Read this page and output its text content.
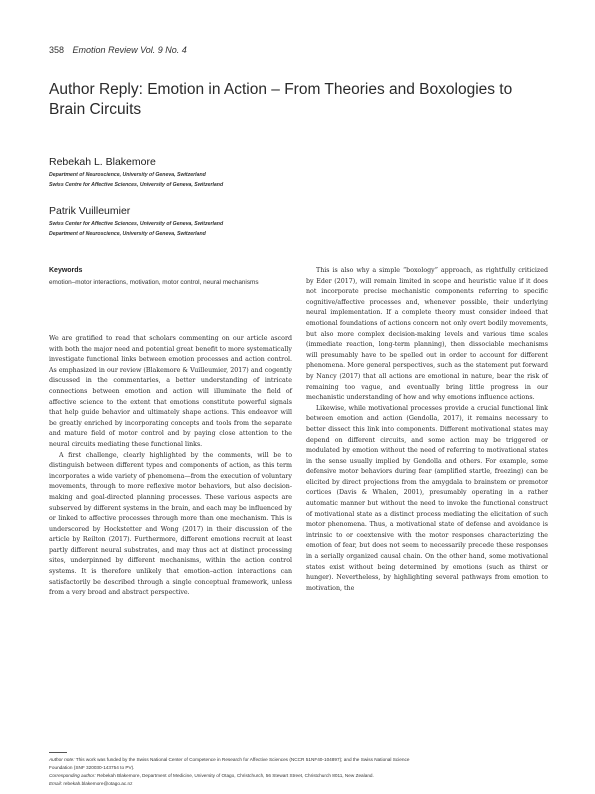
358 Emotion Review Vol. 9 No. 4
Author Reply: Emotion in Action – From Theories and Boxologies to Brain Circuits
Rebekah L. Blakemore
Department of Neuroscience, University of Geneva, Switzerland
Swiss Centre for Affective Sciences, University of Geneva, Switzerland
Patrik Vuilleumier
Swiss Center for Affective Sciences, University of Geneva, Switzerland
Department of Neuroscience, University of Geneva, Switzerland
Keywords
emotion–motor interactions, motivation, motor control, neural mechanisms

We are gratified to read that scholars commenting on our article ascord with both the major need and potential great benefit to more systematically investigate functional links between emotion processes and action control. As emphasized in our review (Blakemore & Vuilleumier, 2017) and cogently discussed in the commentaries, a better understanding of intricate connections between emotion and action will illuminate the field of affective science to the extent that emotions constitute powerful signals that help guide behavior and ultimately shape actions. This endeavor will be greatly enriched by incorporating concepts and tools from the separate and mature field of motor control and by paying close attention to the neural circuits mediating these functional links.

A first challenge, clearly highlighted by the comments, will be to distinguish between different types and components of action, as this term incorporates a wide variety of phenomena—from the execution of voluntary movements, through to more reflexive motor behaviors, but also decision-making and goal-directed planning processes. These various aspects are subserved by different systems in the brain, and each may be influenced by or linked to affective processes through more than one mechanism. This is underscored by Hockstetter and Wong (2017) in their discussion of the article by Reilton (2017). Furthermore, different emotions recruit at least partly different neural substrates, and may thus act at distinct processing sites, underpinned by different mechanisms, within the action control systems. It is therefore unlikely that emotion–action interactions can satisfactorily be described through a single conceptual framework, unless from a very broad and abstract perspective.

This is also why a simple “boxology” approach, as rightfully criticized by Eder (2017), will remain limited in scope and heuristic value if it does not incorporate precise mechanistic components referring to specific cognitive/affective processes and, whenever possible, their underlying neural implementation. If a complete theory must consider indeed that emotional foundations of actions concern not only overt bodily movements, but also more complex decision-making levels and various time scales (immediate reaction, long-term planning), then dissociable mechanisms will presumably have to be spelled out in order to account for different phenomena. More general perspectives, such as the statement put forward by Nancy (2017) that all actions are emotional in nature, bear the risk of remaining too vague, and eventually bring little progress in our mechanistic understanding of how and why emotions influence actions.

Likewise, while motivational processes provide a crucial functional link between emotion and action (Gendolla, 2017), it remains necessary to better dissect this link into components. Different motivational states may depend on different circuits, and some action may be triggered or modulated by emotion without the need of referring to motivational states in the sense usually implied by Gendolla and others. For example, some defensive motor behaviors during fear (amplified startle, freezing) can be elicited by direct projections from the amygdala to brainstem or premotor cortices (Davis & Whalen, 2001), presumably operating in a rather automatic manner but without the need to invoke the functional construct of motivational state as a distinct process mediating the elicitation of such motor phenomena. Thus, a motivational state of defense and avoidance is intrinsic to or coextensive with the motor responses characterizing the emotion of fear, but does not seem to necessarily precede these responses in a serially organized causal chain. On the other hand, some motivational states exist without being determined by emotions (such as thirst or hunger). Nevertheless, by highlighting several pathways from emotion to motivation, the

Author note: This work was funded by the Swiss National Center of Competence in Research for Affective Sciences (NCCR 51NF40-104897); and the Swiss National Science
Foundation (SNF 320030-143754 to PV).
Corresponding author: Rebekah Blakemore, Department of Medicine, University of Otago, Christchurch, 56 Stewart Street, Christchurch 8011, New Zealand.
Email: rebekah.blakemore@otago.ac.nz
